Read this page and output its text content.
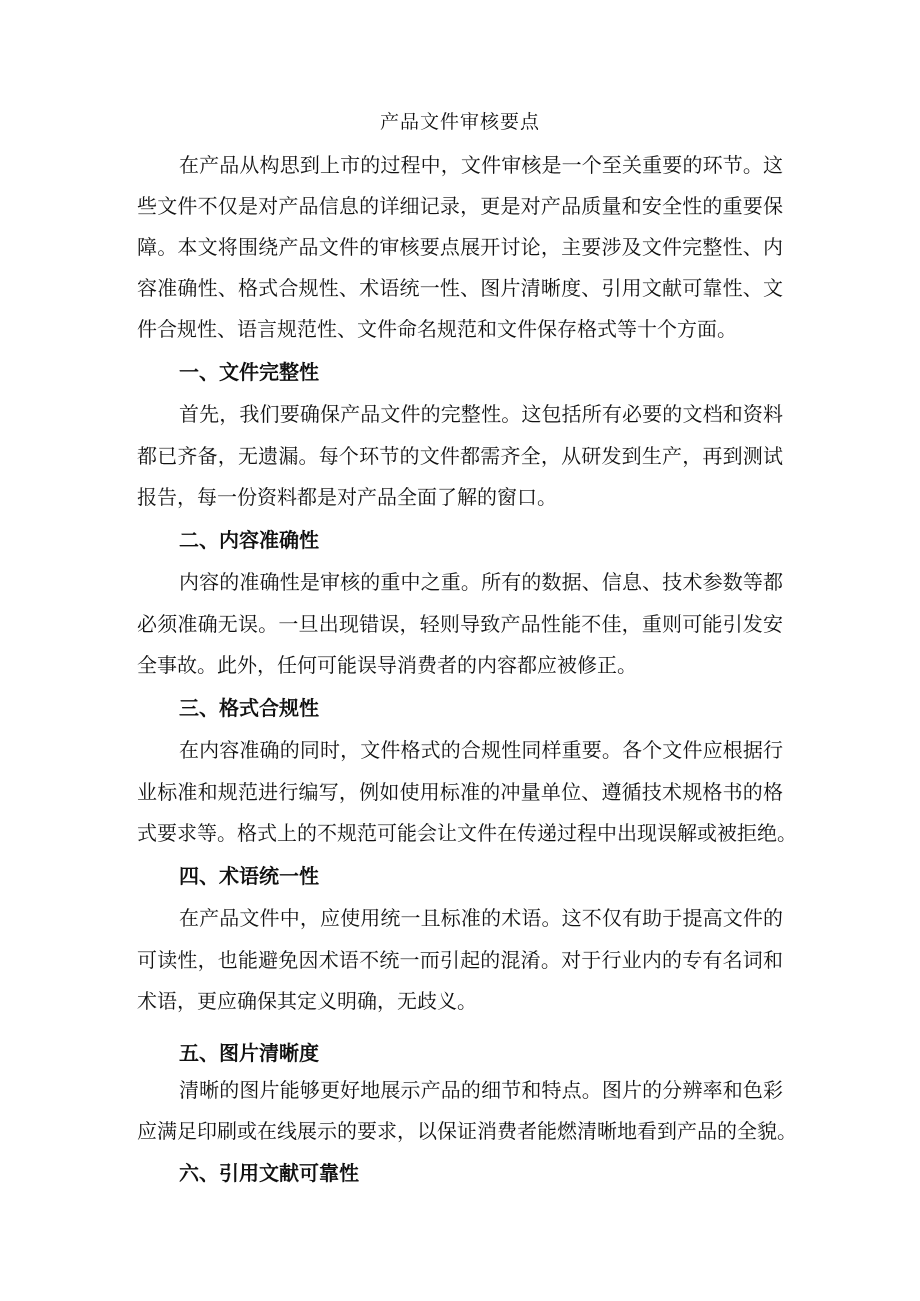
产品文件审核要点

在产品从构思到上市的过程中，文件审核是一个至关重要的环节。这

些文件不仅是对产品信息的详细记录，更是对产品质量和安全性的重要保

障。本文将围绕产品文件的审核要点展开讨论，主要涉及文件完整性、内

容准确性、格式合规性、术语统一性、图片清晰度、引用文献可靠性、文

件合规性、语言规范性、文件命名规范和文件保存格式等十个方面。

一、文件完整性

首先，我们要确保产品文件的完整性。这包括所有必要的文档和资料

都已齐备，无遗漏。每个环节的文件都需齐全，从研发到生产，再到测试

报告，每一份资料都是对产品全面了解的窗口。

二、内容准确性

内容的准确性是审核的重中之重。所有的数据、信息、技术参数等都

必须准确无误。一旦出现错误，轻则导致产品性能不佳，重则可能引发安

全事故。此外，任何可能误导消费者的内容都应被修正。

三、格式合规性

在内容准确的同时，文件格式的合规性同样重要。各个文件应根据行

业标准和规范进行编写，例如使用标准的冲量单位、遵循技术规格书的格

式要求等。格式上的不规范可能会让文件在传递过程中出现误解或被拒绝。

四、术语统一性

在产品文件中，应使用统一且标准的术语。这不仅有助于提高文件的

可读性，也能避免因术语不统一而引起的混淆。对于行业内的专有名词和

术语，更应确保其定义明确，无歧义。

五、图片清晰度

清晰的图片能够更好地展示产品的细节和特点。图片的分辨率和色彩

应满足印刷或在线展示的要求，以保证消费者能燃清晰地看到产品的全貌。

六、引用文献可靠性
